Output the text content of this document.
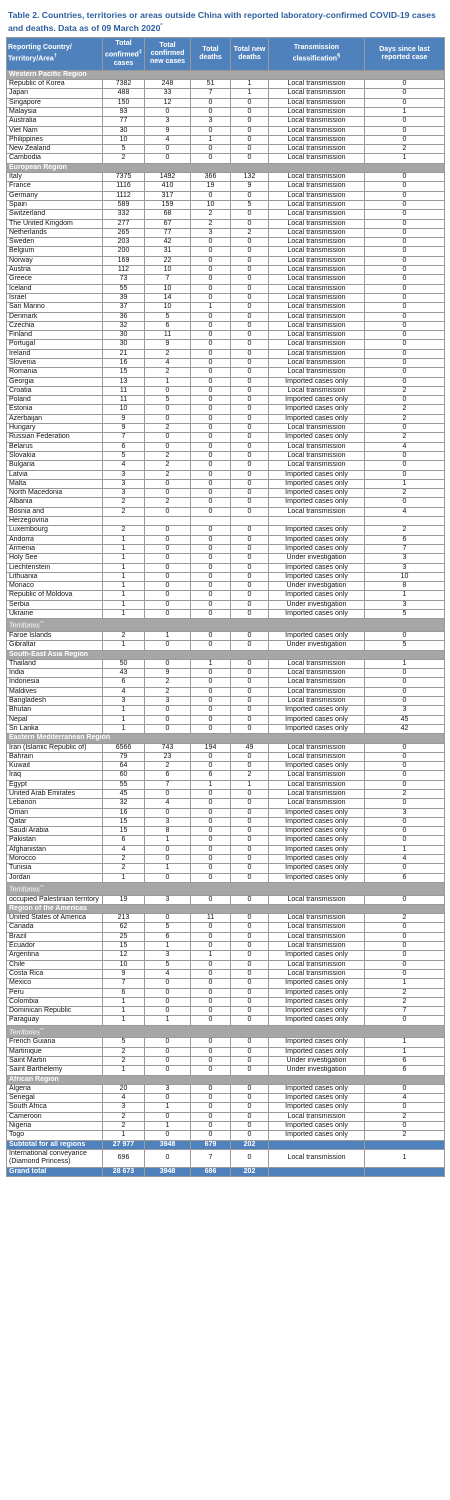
Table 2. Countries, territories or areas outside China with reported laboratory-confirmed COVID-19 cases and deaths. Data as of 09 March 2020*
Reporting Country/ Territory/Area†	Total confirmed‡ cases	Total confirmed new cases	Total deaths	Total new deaths	Transmission classification§	Days since last reported case
Western Pacific Region						
Republic of Korea	7382	248	51	1	Local transmission	0
Japan	488	33	7	1	Local transmission	0
Singapore	150	12	0	0	Local transmission	0
Malaysia	93	0	0	0	Local transmission	1
Australia	77	3	3	0	Local transmission	0
Viet Nam	30	9	0	0	Local transmission	0
Philippines	10	4	1	0	Local transmission	0
New Zealand	5	0	0	0	Local transmission	2
Cambodia	2	0	0	0	Local transmission	1
European Region						
Italy	7375	1492	366	132	Local transmission	0
France	1116	410	19	9	Local transmission	0
Germany	1112	317	0	0	Local transmission	0
Spain	589	159	10	5	Local transmission	0
Switzerland	332	68	2	0	Local transmission	0
The United Kingdom	277	67	2	0	Local transmission	0
Netherlands	265	77	3	2	Local transmission	0
Sweden	203	42	0	0	Local transmission	0
Belgium	200	31	0	0	Local transmission	0
Norway	169	22	0	0	Local transmission	0
Austria	112	10	0	0	Local transmission	0
Greece	73	7	0	0	Local transmission	0
Iceland	55	10	0	0	Local transmission	0
Israel	39	14	0	0	Local transmission	0
San Marino	37	10	1	0	Local transmission	0
Denmark	36	5	0	0	Local transmission	0
Czechia	32	6	0	0	Local transmission	0
Finland	30	11	0	0	Local transmission	0
Portugal	30	9	0	0	Local transmission	0
Ireland	21	2	0	0	Local transmission	0
Slovenia	16	4	0	0	Local transmission	0
Romania	15	2	0	0	Local transmission	0
Georgia	13	1	0	0	Imported cases only	0
Croatia	11	0	0	0	Local transmission	2
Poland	11	5	0	0	Imported cases only	0
Estonia	10	0	0	0	Imported cases only	2
Azerbaijan	9	0	0	0	Imported cases only	2
Hungary	9	2	0	0	Local transmission	0
Russian Federation	7	0	0	0	Imported cases only	2
Belarus	6	0	0	0	Local transmission	4
Slovakia	5	2	0	0	Local transmission	0
Bulgaria	4	2	0	0	Local transmission	0
Latvia	3	2	0	0	Imported cases only	0
Malta	3	0	0	0	Imported cases only	1
North Macedonia	3	0	0	0	Imported cases only	2
Albania	2	2	0	0	Imported cases only	0
Bosnia and	2	0	0	0	Local transmission	4
Herzegovina						
Luxembourg	2	0	0	0	Imported cases only	2
Andorra	1	0	0	0	Imported cases only	6
Armenia	1	0	0	0	Imported cases only	7
Holy See	1	0	0	0	Under investigation	3
Liechtenstein	1	0	0	0	Imported cases only	3
Lithuania	1	0	0	0	Imported cases only	10
Monaco	1	0	0	0	Under investigation	8
Republic of Moldova	1	0	0	0	Imported cases only	1
Serbia	1	0	0	0	Under investigation	3
Ukraine	1	0	0	0	Imported cases only	5
Territories**
Faroe Islands	2	1	0	0	Imported cases only	0
Gibraltar	1	0	0	0	Under investigation	5
South-East Asia Region						
Thailand	50	0	1	0	Local transmission	1
India	43	9	0	0	Local transmission	0
Indonesia	6	2	0	0	Local transmission	0
Maldives	4	2	0	0	Local transmission	0
Bangladesh	3	3	0	0	Local transmission	0
Bhutan	1	0	0	0	Imported cases only	3
Nepal	1	0	0	0	Imported cases only	45
Sri Lanka	1	0	0	0	Imported cases only	42
Eastern Mediterranean Region						
Iran (Islamic Republic of)	6566	743	194	49	Local transmission	0
Bahrain	79	23	0	0	Local transmission	0
Kuwait	64	2	0	0	Imported cases only	0
Iraq	60	6	6	2	Local transmission	0
Egypt	55	7	1	1	Local transmission	0
United Arab Emirates	45	0	0	0	Local transmission	2
Lebanon	32	4	0	0	Local transmission	0
Oman	16	0	0	0	Imported cases only	3
Qatar	15	3	0	0	Imported cases only	0
Saudi Arabia	15	8	0	0	Imported cases only	0
Pakistan	6	1	0	0	Imported cases only	0
Afghanistan	4	0	0	0	Imported cases only	1
Morocco	2	0	0	0	Imported cases only	4
Tunisia	2	1	0	0	Imported cases only	0
Jordan	1	0	0	0	Imported cases only	6
Territories**
occupied Palestinian territory	19	3	0	0	Local transmission	0
Region of the Americas						
United States of America	213	0	11	0	Local transmission	2
Canada	62	5	0	0	Local transmission	0
Brazil	25	6	0	0	Local transmission	0
Ecuador	15	1	0	0	Local transmission	0
Argentina	12	3	1	0	Imported cases only	0
Chile	10	5	0	0	Local transmission	0
Costa Rica	9	4	0	0	Local transmission	0
Mexico	7	0	0	0	Imported cases only	1
Peru	6	0	0	0	Imported cases only	2
Colombia	1	0	0	0	Imported cases only	2
Dominican Republic	1	0	0	0	Imported cases only	7
Paraguay	1	1	0	0	Imported cases only	0
Territories**
French Guiana	5	0	0	0	Imported cases only	1
Martinique	2	0	0	0	Imported cases only	1
Saint Martin	2	0	0	0	Under investigation	6
Saint Barthelemy	1	0	0	0	Under investigation	6
African Region						
Algeria	20	3	0	0	Imported cases only	0
Senegal	4	0	0	0	Imported cases only	4
South Africa	3	1	0	0	Imported cases only	0
Cameroon	2	0	0	0	Local transmission	2
Nigeria	2	1	0	0	Imported cases only	0
Togo	1	0	0	0	Imported cases only	2
Subtotal for all regions	27 977	3948	679	202		
International conveyance (Diamond Princess)	696	0	7	0	Local transmission	1
Grand total	28 673	3948	686	202		
